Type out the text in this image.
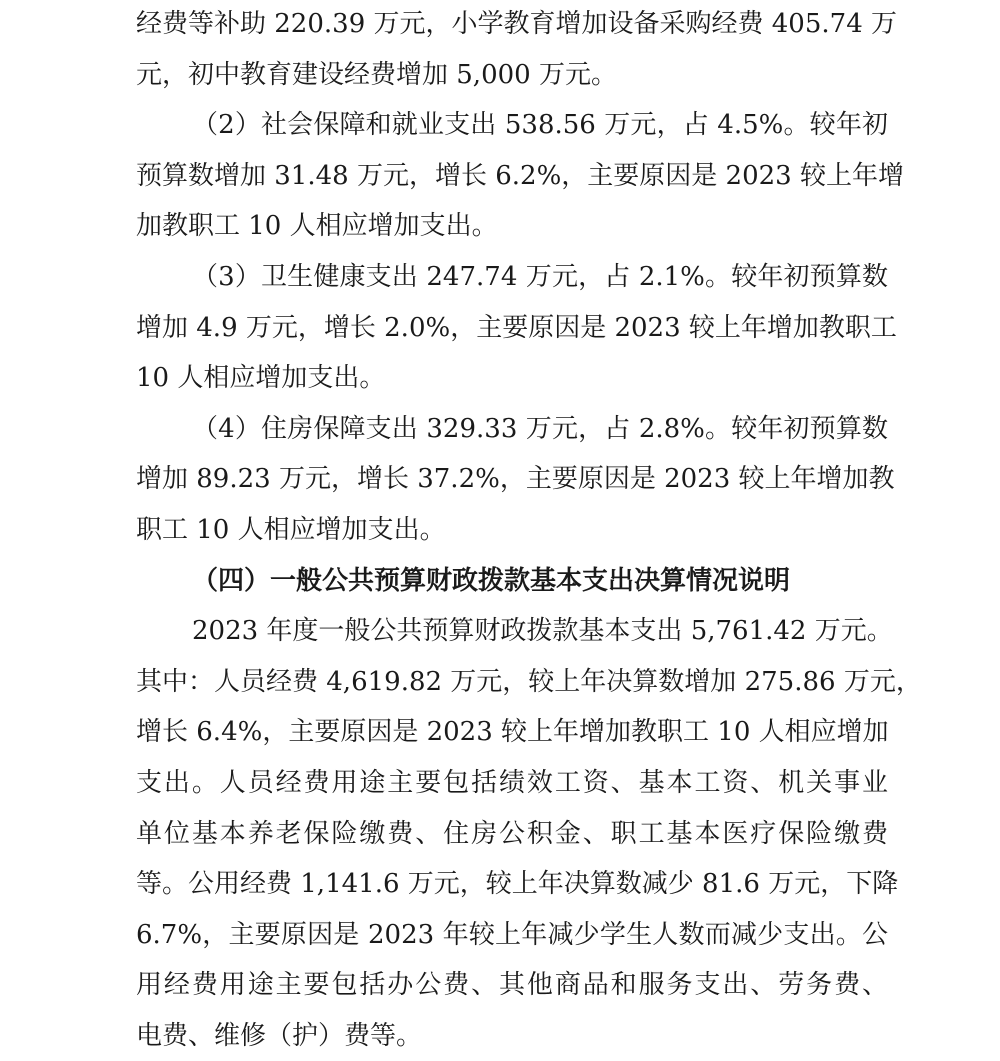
经费等补助 220.39 万元，小学教育增加设备采购经费 405.74 万
元，初中教育建设经费增加 5,000 万元。
（2）社会保障和就业支出 538.56 万元，占 4.5%。较年初
预算数增加 31.48 万元，增长 6.2%，主要原因是 2023 较上年增
加教职工 10 人相应增加支出。
（3）卫生健康支出 247.74 万元，占 2.1%。较年初预算数
增加 4.9 万元，增长 2.0%，主要原因是 2023 较上年增加教职工
10 人相应增加支出。
（4）住房保障支出 329.33 万元，占 2.8%。较年初预算数
增加 89.23 万元，增长 37.2%，主要原因是 2023 较上年增加教
职工 10 人相应增加支出。
（四）一般公共预算财政拨款基本支出决算情况说明
2023 年度一般公共预算财政拨款基本支出 5,761.42 万元。
其中：人员经费 4,619.82 万元，较上年决算数增加 275.86 万元，
增长 6.4%，主要原因是 2023 较上年增加教职工 10 人相应增加
支出。人员经费用途主要包括绩效工资、基本工资、机关事业
单位基本养老保险缴费、住房公积金、职工基本医疗保险缴费
等。公用经费 1,141.6 万元，较上年决算数减少 81.6 万元，下降
6.7%，主要原因是 2023 年较上年减少学生人数而减少支出。公
用经费用途主要包括办公费、其他商品和服务支出、劳务费、
电费、维修（护）费等。
